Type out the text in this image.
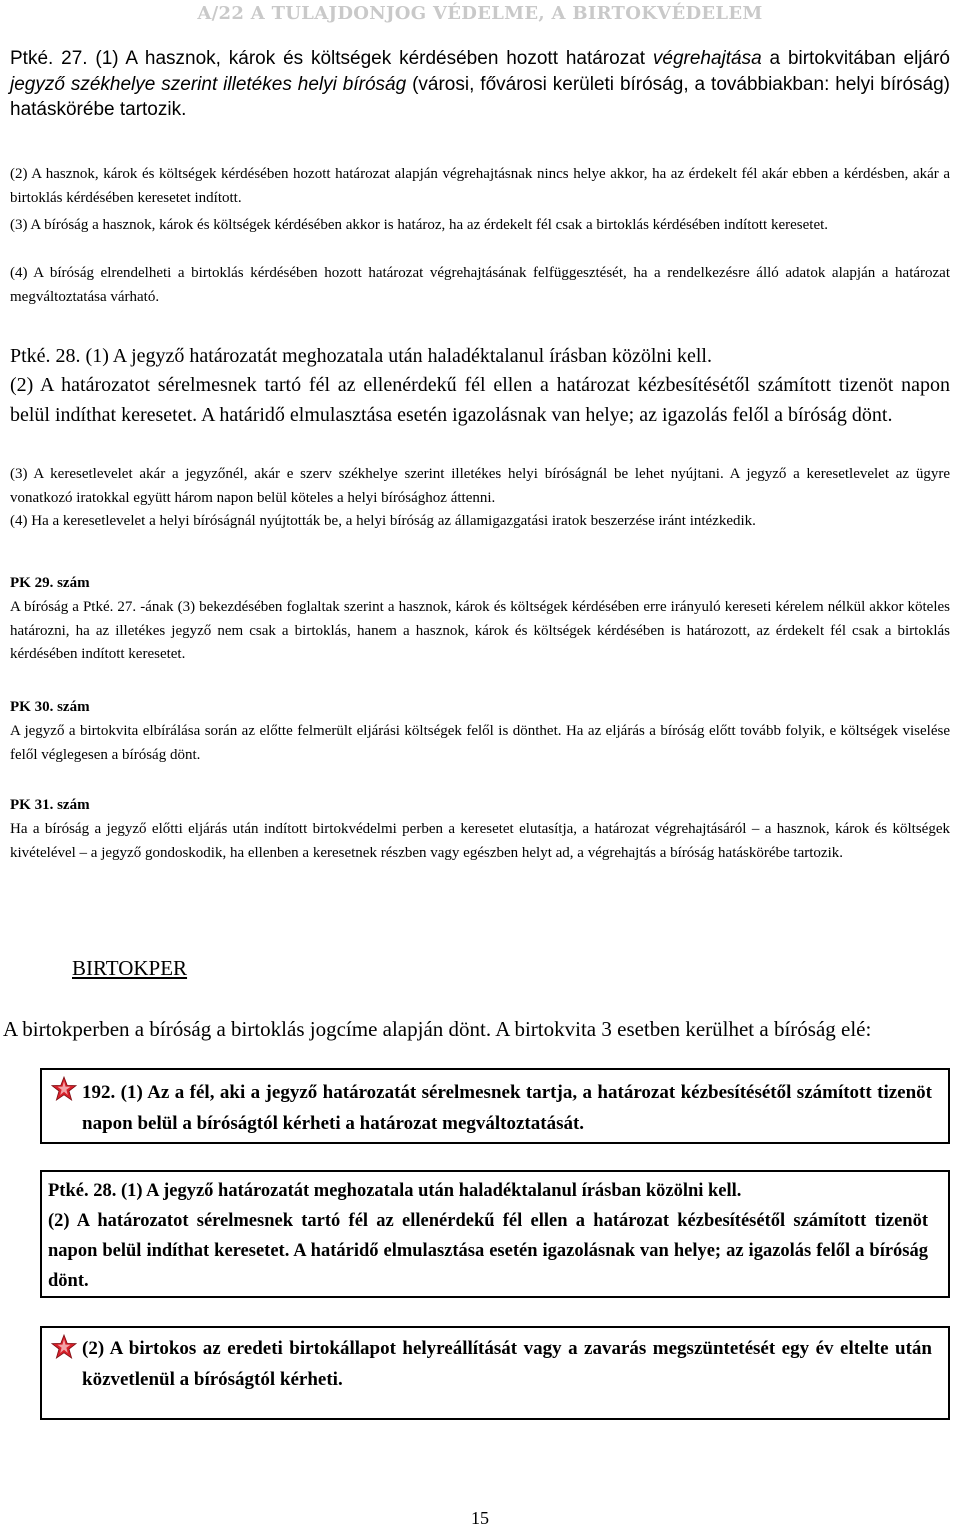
A/22 A TULAJDONJOG VÉDELME, A BIRTOKVÉDELEM
Ptké. 27. (1) A hasznok, károk és költségek kérdésében hozott határozat végrehajtása a birtokvitában eljáró jegyző székhelye szerint illetékes helyi bíróság (városi, fővárosi kerületi bíróság, a továbbiakban: helyi bíróság) hatáskörébe tartozik.
(2) A hasznok, károk és költségek kérdésében hozott határozat alapján végrehajtásnak nincs helye akkor, ha az érdekelt fél akár ebben a kérdésben, akár a birtoklás kérdésében keresetet indított.
(3) A bíróság a hasznok, károk és költségek kérdésében akkor is határoz, ha az érdekelt fél csak a birtoklás kérdésében indított keresetet.
(4) A bíróság elrendelheti a birtoklás kérdésében hozott határozat végrehajtásának felfüggesztését, ha a rendelkezésre álló adatok alapján a határozat megváltoztatása várható.
Ptké. 28. (1) A jegyző határozatát meghozatala után haladéktalanul írásban közölni kell.
(2) A határozatot sérelmesnek tartó fél az ellenérdekű fél ellen a határozat kézbesítésétől számított tizenöt napon belül indíthat keresetet. A határidő elmulasztása esetén igazolásnak van helye; az igazolás felől a bíróság dönt.
(3) A keresetlevelet akár a jegyzőnél, akár e szerv székhelye szerint illetékes helyi bíróságnál be lehet nyújtani. A jegyző a keresetlevelet az ügyre vonatkozó iratokkal együtt három napon belül köteles a helyi bírósághoz áttenni.
(4) Ha a keresetlevelet a helyi bíróságnál nyújtották be, a helyi bíróság az államigazgatási iratok beszerzése iránt intézkedik.
PK 29. szám
A bíróság a Ptké. 27. -ának (3) bekezdésében foglaltak szerint a hasznok, károk és költségek kérdésében erre irányuló kereseti kérelem nélkül akkor köteles határozni, ha az illetékes jegyző nem csak a birtoklás, hanem a hasznok, károk és költségek kérdésében is határozott, az érdekelt fél csak a birtoklás kérdésében indított keresetet.
PK 30. szám
A jegyző a birtokvita elbírálása során az előtte felmerült eljárási költségek felől is dönthet. Ha az eljárás a bíróság előtt tovább folyik, e költségek viselése felől véglegesen a bíróság dönt.
PK 31. szám
Ha a bíróság a jegyző előtti eljárás után indított birtokvédelmi perben a keresetet elutasítja, a határozat végrehajtásáról – a hasznok, károk és költségek kivételével – a jegyző gondoskodik, ha ellenben a keresetnek részben vagy egészben helyt ad, a végrehajtás a bíróság hatáskörébe tartozik.
BIRTOKPER
A birtokperben a bíróság a birtoklás jogcíme alapján dönt. A birtokvita 3 esetben kerülhet a bíróság elé:
192. (1) Az a fél, aki a jegyző határozatát sérelmesnek tartja, a határozat kézbesítésétől számított tizenöt napon belül a bíróságtól kérheti a határozat megváltoztatását.
Ptké. 28. (1) A jegyző határozatát meghozatala után haladéktalanul írásban közölni kell.
(2) A határozatot sérelmesnek tartó fél az ellenérdekű fél ellen a határozat kézbesítésétől számított tizenöt napon belül indíthat keresetet. A határidő elmulasztása esetén igazolásnak van helye; az igazolás felől a bíróság dönt.
(2) A birtokos az eredeti birtokállapot helyreállítását vagy a zavarás megszüntetését egy év eltelte után közvetlenül a bíróságtól kérheti.
15
